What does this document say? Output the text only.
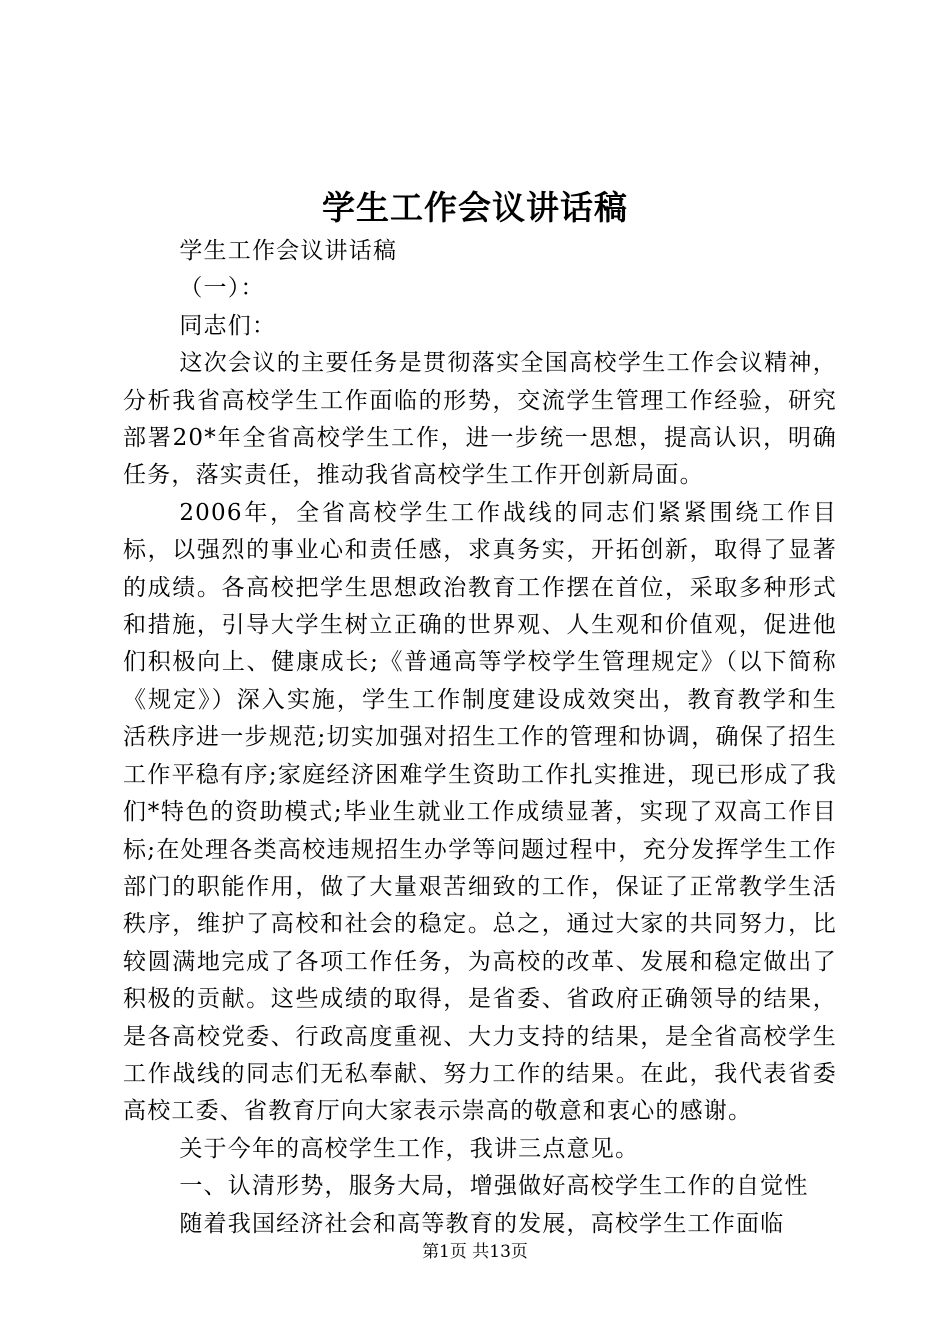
学生工作会议讲话稿

学生工作会议讲话稿

（一）：

同志们：

这次会议的主要任务是贯彻落实全国高校学生工作会议精神，分析我省高校学生工作面临的形势，交流学生管理工作经验，研究部署20*年全省高校学生工作，进一步统一思想，提高认识，明确任务，落实责任，推动我省高校学生工作开创新局面。

2006年，全省高校学生工作战线的同志们紧紧围绕工作目标，以强烈的事业心和责任感，求真务实，开拓创新，取得了显著的成绩。各高校把学生思想政治教育工作摆在首位，采取多种形式和措施，引导大学生树立正确的世界观、人生观和价值观，促进他们积极向上、健康成长;《普通高等学校学生管理规定》（以下简称《规定》）深入实施，学生工作制度建设成效突出，教育教学和生活秩序进一步规范;切实加强对招生工作的管理和协调，确保了招生工作平稳有序;家庭经济困难学生资助工作扎实推进，现已形成了我们*特色的资助模式;毕业生就业工作成绩显著，实现了双高工作目标;在处理各类高校违规招生办学等问题过程中，充分发挥学生工作部门的职能作用，做了大量艰苦细致的工作，保证了正常教学生活秩序，维护了高校和社会的稳定。总之，通过大家的共同努力，比较圆满地完成了各项工作任务，为高校的改革、发展和稳定做出了积极的贡献。这些成绩的取得，是省委、省政府正确领导的结果，是各高校党委、行政高度重视、大力支持的结果，是全省高校学生工作战线的同志们无私奉献、努力工作的结果。在此，我代表省委高校工委、省教育厅向大家表示崇高的敬意和衷心的感谢。

关于今年的高校学生工作，我讲三点意见。

一、认清形势，服务大局，增强做好高校学生工作的自觉性

随着我国经济社会和高等教育的发展，高校学生工作面临

第1页 共13页
